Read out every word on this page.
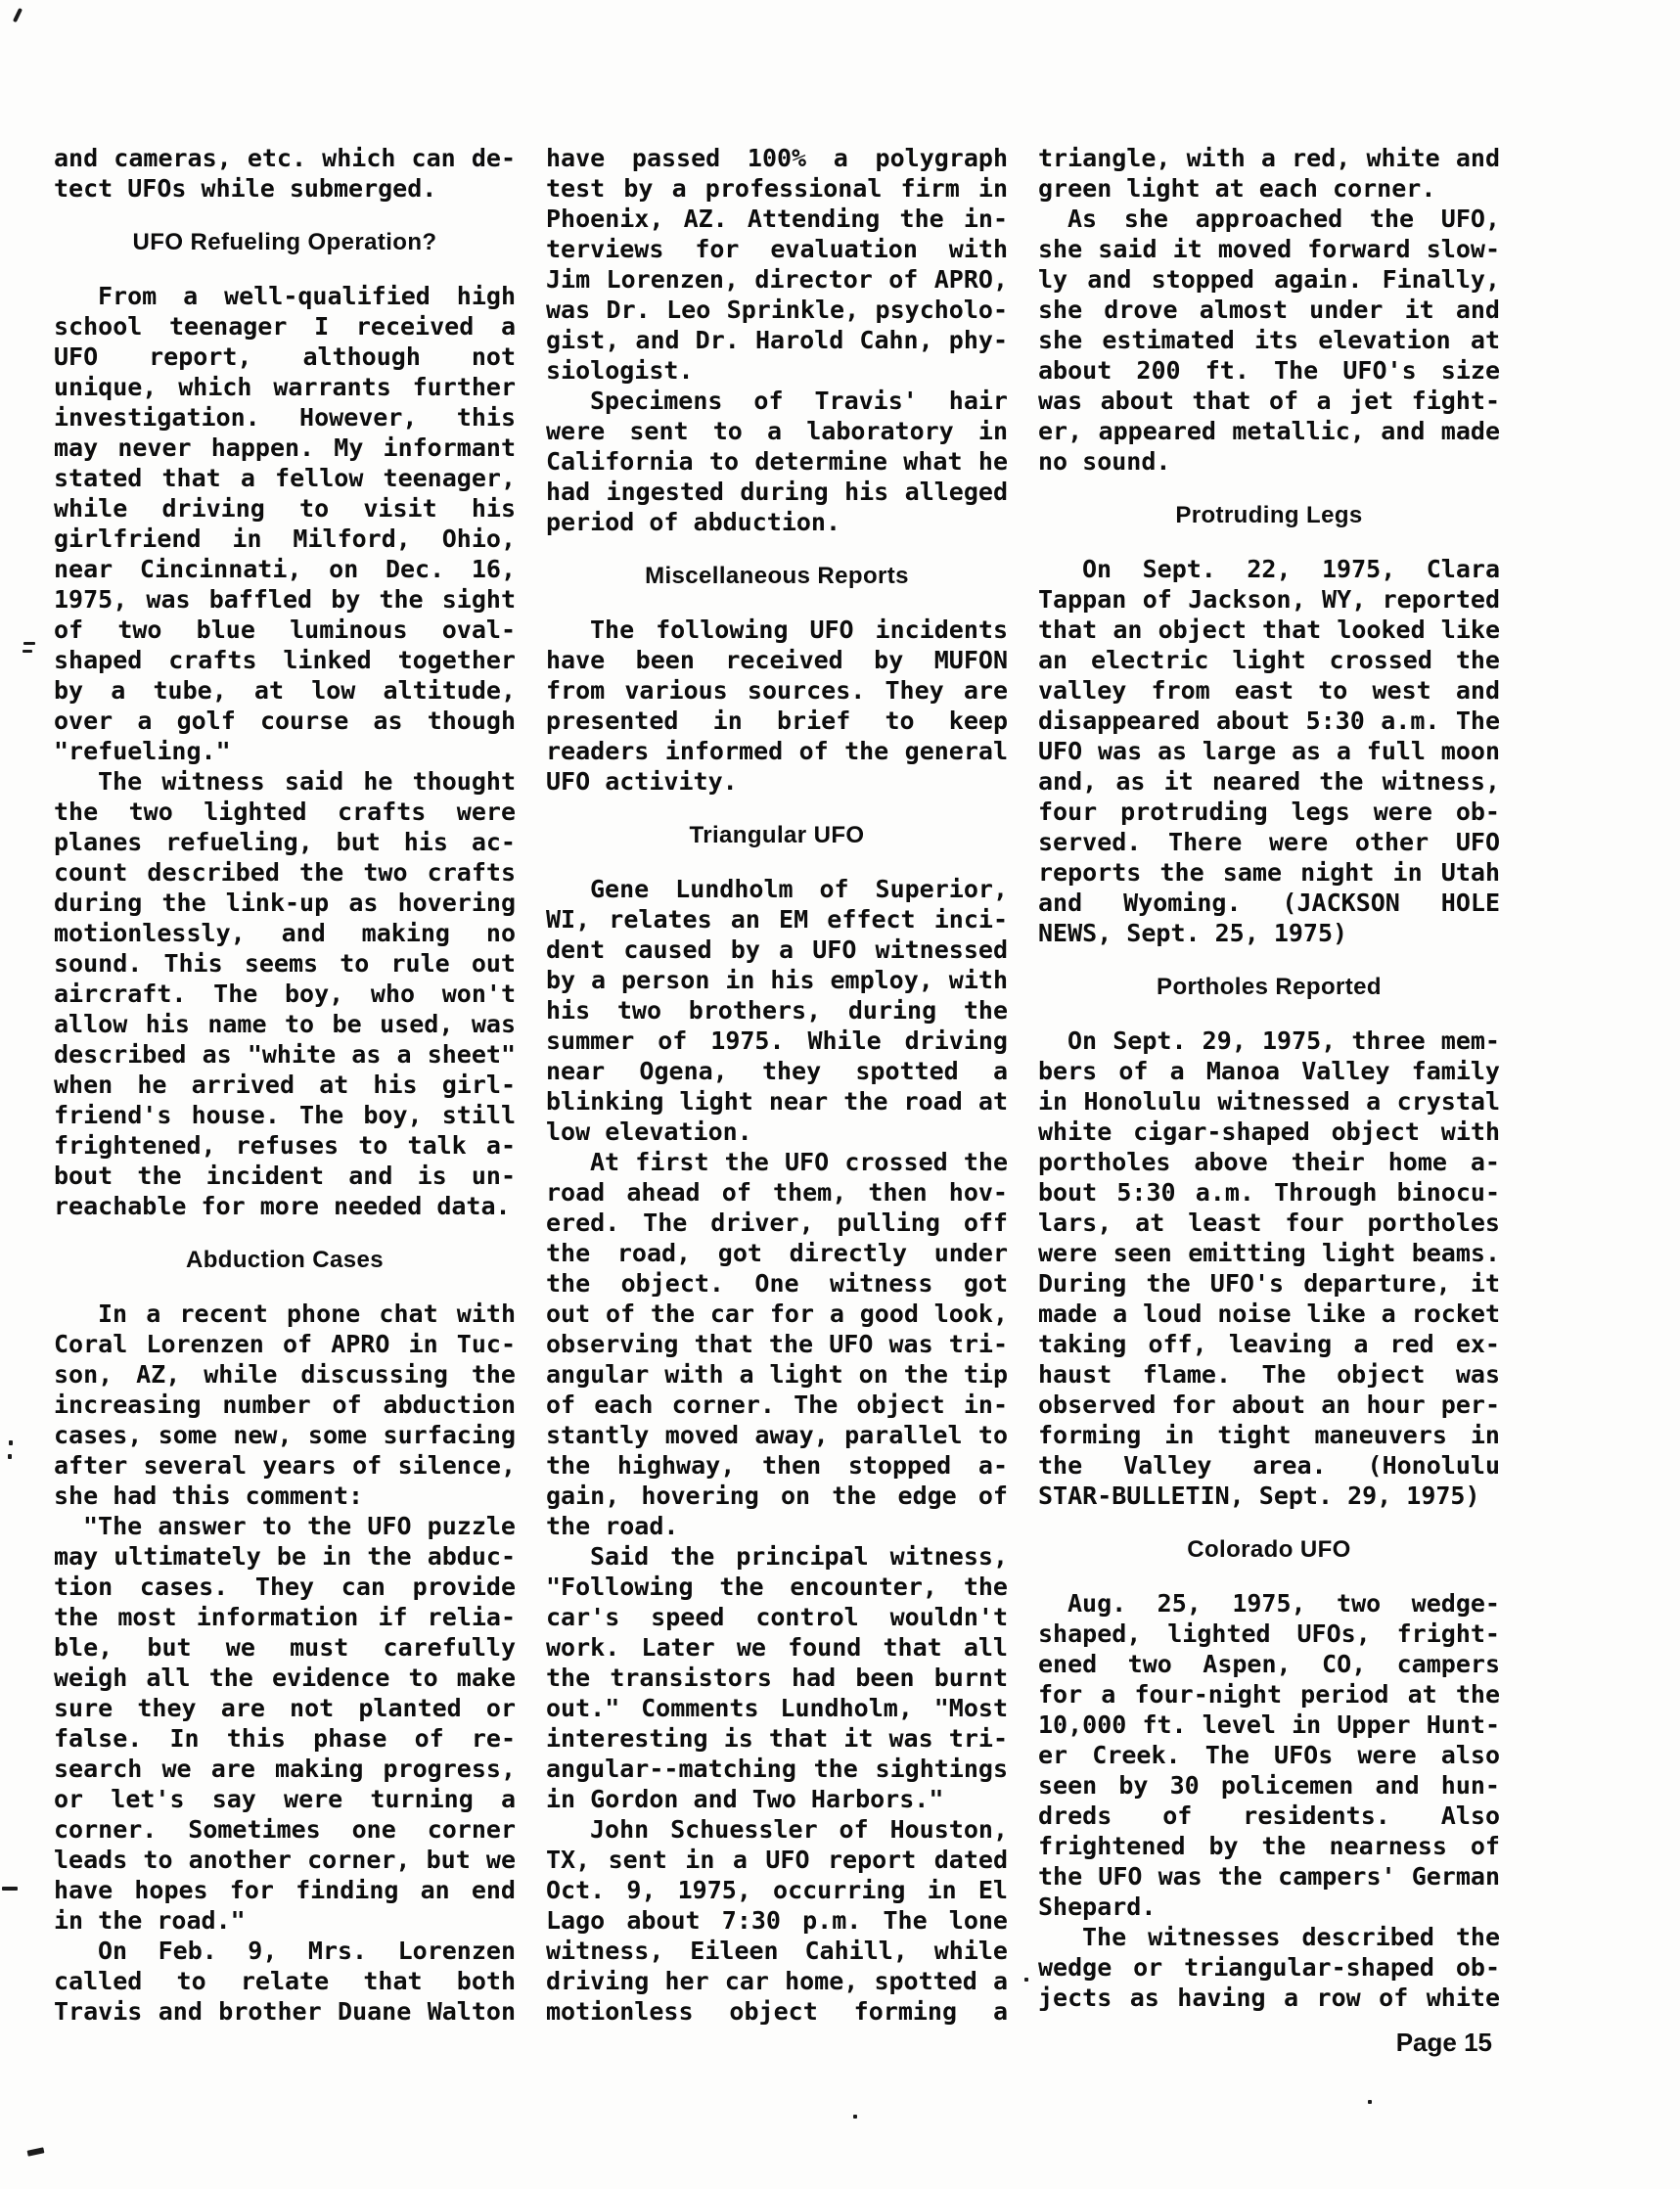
and cameras, etc. which can de-
tect UFOs while submerged.
UFO Refueling Operation?
From a well-qualified high
school teenager I received a
UFO report, although not
unique, which warrants further
investigation. However, this
may never happen. My informant
stated that a fellow teenager,
while driving to visit his
girlfriend in Milford, Ohio,
near Cincinnati, on Dec. 16,
1975, was baffled by the sight
of two blue luminous oval-
shaped crafts linked together
by a tube, at low altitude,
over a golf course as though
"refueling."
The witness said he thought
the two lighted crafts were
planes refueling, but his ac-
count described the two crafts
during the link-up as hovering
motionlessly, and making no
sound. This seems to rule out
aircraft. The boy, who won't
allow his name to be used, was
described as "white as a sheet"
when he arrived at his girl-
friend's house. The boy, still
frightened, refuses to talk a-
bout the incident and is un-
reachable for more needed data.
Abduction Cases
In a recent phone chat with
Coral Lorenzen of APRO in Tuc-
son, AZ, while discussing the
increasing number of abduction
cases, some new, some surfacing
after several years of silence,
she had this comment:
"The answer to the UFO puzzle
may ultimately be in the abduc-
tion cases. They can provide
the most information if relia-
ble, but we must carefully
weigh all the evidence to make
sure they are not planted or
false. In this phase of re-
search we are making progress,
or let's say were turning a
corner. Sometimes one corner
leads to another corner, but we
have hopes for finding an end
in the road."
On Feb. 9, Mrs. Lorenzen
called to relate that both
Travis and brother Duane Walton
have passed 100% a polygraph
test by a professional firm in
Phoenix, AZ. Attending the in-
terviews for evaluation with
Jim Lorenzen, director of APRO,
was Dr. Leo Sprinkle, psycholo-
gist, and Dr. Harold Cahn, phy-
siologist.
Specimens of Travis' hair
were sent to a laboratory in
California to determine what he
had ingested during his alleged
period of abduction.
Miscellaneous Reports
The following UFO incidents
have been received by MUFON
from various sources. They are
presented in brief to keep
readers informed of the general
UFO activity.
Triangular UFO
Gene Lundholm of Superior,
WI, relates an EM effect inci-
dent caused by a UFO witnessed
by a person in his employ, with
his two brothers, during the
summer of 1975. While driving
near Ogena, they spotted a
blinking light near the road at
low elevation.
At first the UFO crossed the
road ahead of them, then hov-
ered. The driver, pulling off
the road, got directly under
the object. One witness got
out of the car for a good look,
observing that the UFO was tri-
angular with a light on the tip
of each corner. The object in-
stantly moved away, parallel to
the highway, then stopped a-
gain, hovering on the edge of
the road.
Said the principal witness,
"Following the encounter, the
car's speed control wouldn't
work. Later we found that all
the transistors had been burnt
out." Comments Lundholm, "Most
interesting is that it was tri-
angular--matching the sightings
in Gordon and Two Harbors."
John Schuessler of Houston,
TX, sent in a UFO report dated
Oct. 9, 1975, occurring in El
Lago about 7:30 p.m. The lone
witness, Eileen Cahill, while
driving her car home, spotted a
motionless object forming a
triangle, with a red, white and
green light at each corner.
As she approached the UFO,
she said it moved forward slow-
ly and stopped again. Finally,
she drove almost under it and
she estimated its elevation at
about 200 ft. The UFO's size
was about that of a jet fight-
er, appeared metallic, and made
no sound.
Protruding Legs
On Sept. 22, 1975, Clara
Tappan of Jackson, WY, reported
that an object that looked like
an electric light crossed the
valley from east to west and
disappeared about 5:30 a.m. The
UFO was as large as a full moon
and, as it neared the witness,
four protruding legs were ob-
served. There were other UFO
reports the same night in Utah
and Wyoming. (JACKSON HOLE
NEWS, Sept. 25, 1975)
Portholes Reported
On Sept. 29, 1975, three mem-
bers of a Manoa Valley family
in Honolulu witnessed a crystal
white cigar-shaped object with
portholes above their home a-
bout 5:30 a.m. Through binocu-
lars, at least four portholes
were seen emitting light beams.
During the UFO's departure, it
made a loud noise like a rocket
taking off, leaving a red ex-
haust flame. The object was
observed for about an hour per-
forming in tight maneuvers in
the Valley area. (Honolulu
STAR-BULLETIN, Sept. 29, 1975)
Colorado UFO
Aug. 25, 1975, two wedge-
shaped, lighted UFOs, fright-
ened two Aspen, CO, campers
for a four-night period at the
10,000 ft. level in Upper Hunt-
er Creek. The UFOs were also
seen by 30 policemen and hun-
dreds of residents. Also
frightened by the nearness of
the UFO was the campers' German
Shepard.
The witnesses described the
wedge or triangular-shaped ob-
jects as having a row of white
Page 15
